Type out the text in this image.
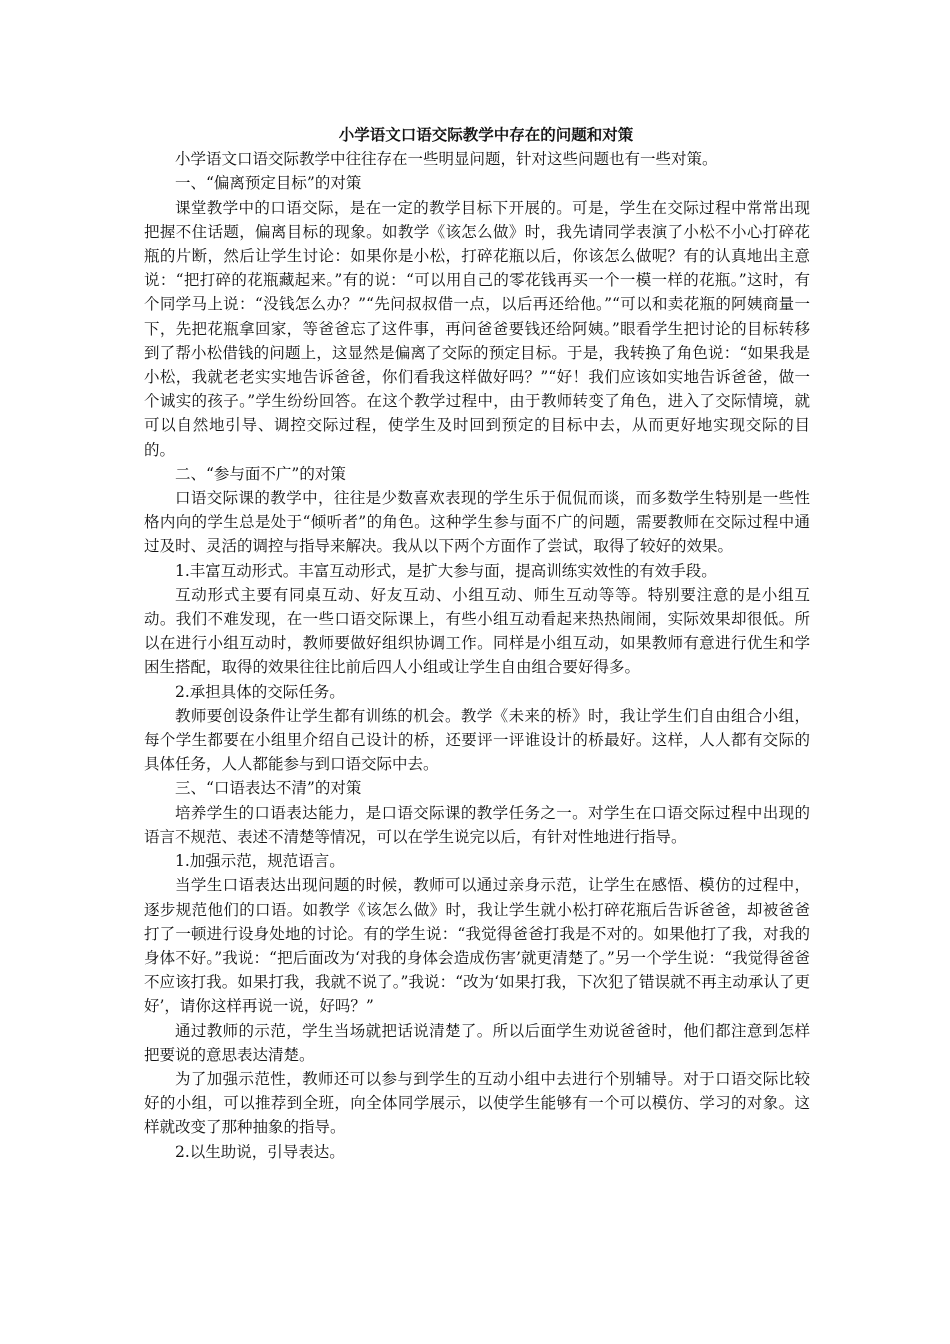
小学语文口语交际教学中存在的问题和对策

小学语文口语交际教学中往往存在一些明显问题，针对这些问题也有一些对策。

一、“偏离预定目标”的对策

课堂教学中的口语交际，是在一定的教学目标下开展的。可是，学生在交际过程中常常出现把握不住话题，偏离目标的现象。如教学《该怎么做》时，我先请同学表演了小松不小心打碎花瓶的片断，然后让学生讨论：如果你是小松，打碎花瓶以后，你该怎么做呢？有的认真地出主意说：“把打碎的花瓶藏起来。”有的说：“可以用自己的零花钱再买一个一模一样的花瓶。”这时，有个同学马上说：“没钱怎么办？”“先问叔叔借一点，以后再还给他。”“可以和卖花瓶的阿姨商量一下，先把花瓶拿回家，等爸爸忘了这件事，再问爸爸要钱还给阿姨。”眼看学生把讨论的目标转移到了帮小松借钱的问题上，这显然是偏离了交际的预定目标。于是，我转换了角色说：“如果我是小松，我就老老实实地告诉爸爸，你们看我这样做好吗？”“好！我们应该如实地告诉爸爸，做一个诚实的孩子。”学生纷纷回答。在这个教学过程中，由于教师转变了角色，进入了交际情境，就可以自然地引导、调控交际过程，使学生及时回到预定的目标中去，从而更好地实现交际的目的。

二、“参与面不广”的对策

口语交际课的教学中，往往是少数喜欢表现的学生乐于侃侃而谈，而多数学生特别是一些性格内向的学生总是处于“倾听者”的角色。这种学生参与面不广的问题，需要教师在交际过程中通过及时、灵活的调控与指导来解决。我从以下两个方面作了尝试，取得了较好的效果。

1.丰富互动形式。丰富互动形式，是扩大参与面，提高训练实效性的有效手段。

互动形式主要有同桌互动、好友互动、小组互动、师生互动等等。特别要注意的是小组互动。我们不难发现，在一些口语交际课上，有些小组互动看起来热热闹闹，实际效果却很低。所以在进行小组互动时，教师要做好组织协调工作。同样是小组互动，如果教师有意进行优生和学困生搭配，取得的效果往往比前后四人小组或让学生自由组合要好得多。

2.承担具体的交际任务。

教师要创设条件让学生都有训练的机会。教学《未来的桥》时，我让学生们自由组合小组，每个学生都要在小组里介绍自己设计的桥，还要评一评谁设计的桥最好。这样，人人都有交际的具体任务，人人都能参与到口语交际中去。

三、“口语表达不清”的对策

培养学生的口语表达能力，是口语交际课的教学任务之一。对学生在口语交际过程中出现的语言不规范、表述不清楚等情况，可以在学生说完以后，有针对性地进行指导。

1.加强示范，规范语言。

当学生口语表达出现问题的时候，教师可以通过亲身示范，让学生在感悟、模仿的过程中，逐步规范他们的口语。如教学《该怎么做》时，我让学生就小松打碎花瓶后告诉爸爸，却被爸爸打了一顿进行设身处地的讨论。有的学生说：“我觉得爸爸打我是不对的。如果他打了我，对我的身体不好。”我说：“把后面改为‘对我的身体会造成伤害’就更清楚了。”另一个学生说：“我觉得爸爸不应该打我。如果打我，我就不说了。”我说：“改为‘如果打我，下次犯了错误就不再主动承认了更好’，请你这样再说一说，好吗？”

通过教师的示范，学生当场就把话说清楚了。所以后面学生劝说爸爸时，他们都注意到怎样把要说的意思表达清楚。

为了加强示范性，教师还可以参与到学生的互动小组中去进行个别辅导。对于口语交际比较好的小组，可以推荐到全班，向全体同学展示，以使学生能够有一个可以模仿、学习的对象。这样就改变了那种抽象的指导。

2.以生助说，引导表达。
